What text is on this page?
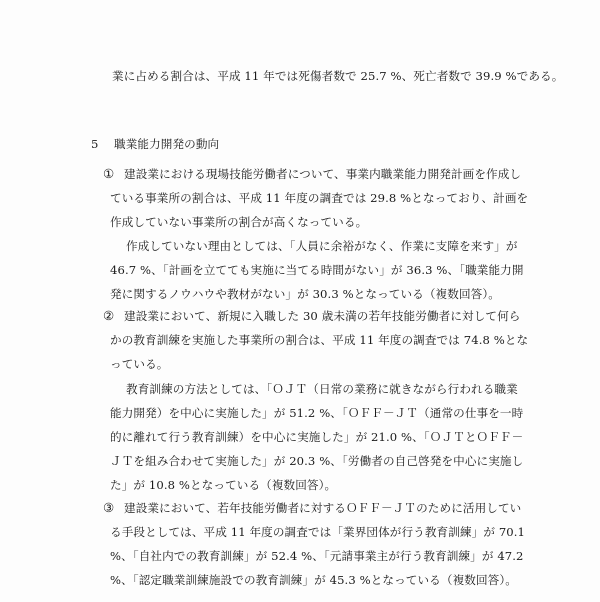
業に占める割合は、平成 11 年では死傷者数で 25.7 %、死亡者数で 39.9 %である。
5 職業能力開発の動向
① 建設業における現場技能労働者について、事業内職業能力開発計画を作成し
ている事業所の割合は、平成 11 年度の調査では 29.8 %となっており、計画を
作成していない事業所の割合が高くなっている。
作成していない理由としては、「人員に余裕がなく、作業に支障を来す」が
46.7 %、「計画を立てても実施に当てる時間がない」が 36.3 %、「職業能力開
発に関するノウハウや教材がない」が 30.3 %となっている（複数回答）。
② 建設業において、新規に入職した 30 歳未満の若年技能労働者に対して何ら
かの教育訓練を実施した事業所の割合は、平成 11 年度の調査では 74.8 %とな
っている。
教育訓練の方法としては、「ＯＪＴ（日常の業務に就きながら行われる職業
能力開発）を中心に実施した」が 51.2 %、「ＯＦＦ－ＪＴ（通常の仕事を一時
的に離れて行う教育訓練）を中心に実施した」が 21.0 %、「ＯＪＴとＯＦＦ－
ＪＴを組み合わせて実施した」が 20.3 %、「労働者の自己啓発を中心に実施し
た」が 10.8 %となっている（複数回答）。
③ 建設業において、若年技能労働者に対するＯＦＦ－ＪＴのために活用してい
る手段としては、平成 11 年度の調査では「業界団体が行う教育訓練」が 70.1
%、「自社内での教育訓練」が 52.4 %、「元請事業主が行う教育訓練」が 47.2
%、「認定職業訓練施設での教育訓練」が 45.3 %となっている（複数回答）。
